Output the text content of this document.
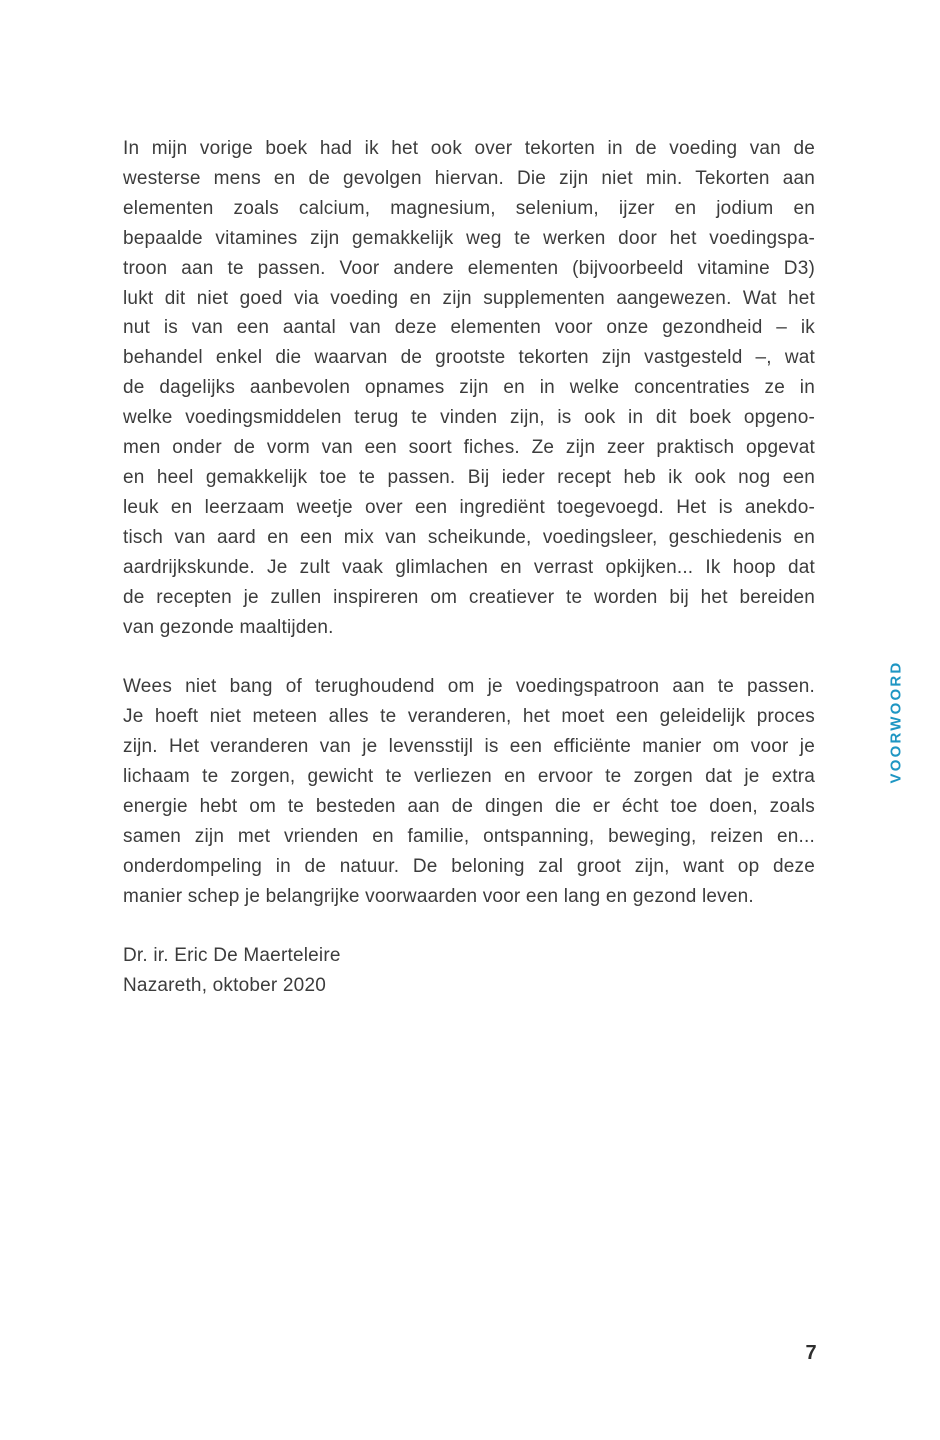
In mijn vorige boek had ik het ook over tekorten in de voeding van de
westerse mens en de gevolgen hiervan. Die zijn niet min. Tekorten aan
elementen zoals calcium, magnesium, selenium, ijzer en jodium en
bepaalde vitamines zijn gemakkelijk weg te werken door het voedingspa-
troon aan te passen. Voor andere elementen (bijvoorbeeld vitamine D3)
lukt dit niet goed via voeding en zijn supplementen aangewezen. Wat het
nut is van een aantal van deze elementen voor onze gezondheid – ik
behandel enkel die waarvan de grootste tekorten zijn vastgesteld –, wat
de dagelijks aanbevolen opnames zijn en in welke concentraties ze in
welke voedingsmiddelen terug te vinden zijn, is ook in dit boek opgeno-
men onder de vorm van een soort fiches. Ze zijn zeer praktisch opgevat
en heel gemakkelijk toe te passen. Bij ieder recept heb ik ook nog een
leuk en leerzaam weetje over een ingrediënt toegevoegd. Het is anekdo-
tisch van aard en een mix van scheikunde, voedingsleer, geschiedenis en
aardrijkskunde. Je zult vaak glimlachen en verrast opkijken... Ik hoop dat
de recepten je zullen inspireren om creatiever te worden bij het bereiden
van gezonde maaltijden.
Wees niet bang of terughoudend om je voedingspatroon aan te passen.
Je hoeft niet meteen alles te veranderen, het moet een geleidelijk proces
zijn. Het veranderen van je levensstijl is een efficiënte manier om voor je
lichaam te zorgen, gewicht te verliezen en ervoor te zorgen dat je extra
energie hebt om te besteden aan de dingen die er écht toe doen, zoals
samen zijn met vrienden en familie, ontspanning, beweging, reizen en...
onderdompeling in de natuur. De beloning zal groot zijn, want op deze
manier schep je belangrijke voorwaarden voor een lang en gezond leven.
Dr. ir. Eric De Maerteleire
Nazareth, oktober 2020
VOORWOORD
7
